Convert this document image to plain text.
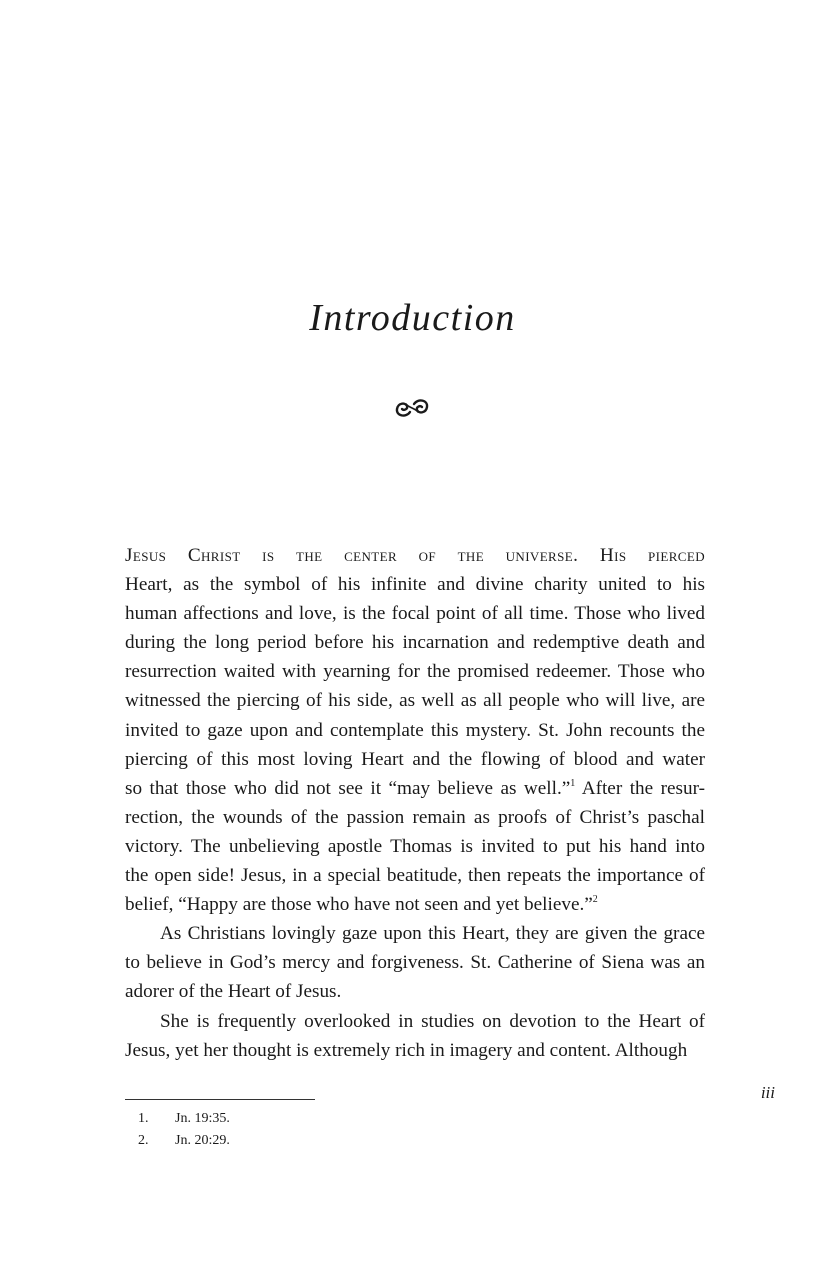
Introduction

Jesus Christ is the center of the universe. His pierced
Heart, as the symbol of his infinite and divine charity united to his
human affections and love, is the focal point of all time. Those who lived
during the long period before his incarnation and redemptive death and
resurrection waited with yearning for the promised redeemer. Those who
witnessed the piercing of his side, as well as all people who will live, are
invited to gaze upon and contemplate this mystery. St. John recounts the
piercing of this most loving Heart and the flowing of blood and water
so that those who did not see it “may believe as well.”$^1$ After the resur-
rection, the wounds of the passion remain as proofs of Christ’s paschal
victory. The unbelieving apostle Thomas is invited to put his hand into
the open side! Jesus, in a special beatitude, then repeats the importance of
belief, “Happy are those who have not seen and yet believe.”$^2$

As Christians lovingly gaze upon this Heart, they are given the grace
to believe in God’s mercy and forgiveness. St. Catherine of Siena was an
adorer of the Heart of Jesus.

She is frequently overlooked in studies on devotion to the Heart of
Jesus, yet her thought is extremely rich in imagery and content. Although

iii
1.	Jn. 19:35.
2.	Jn. 20:29.
